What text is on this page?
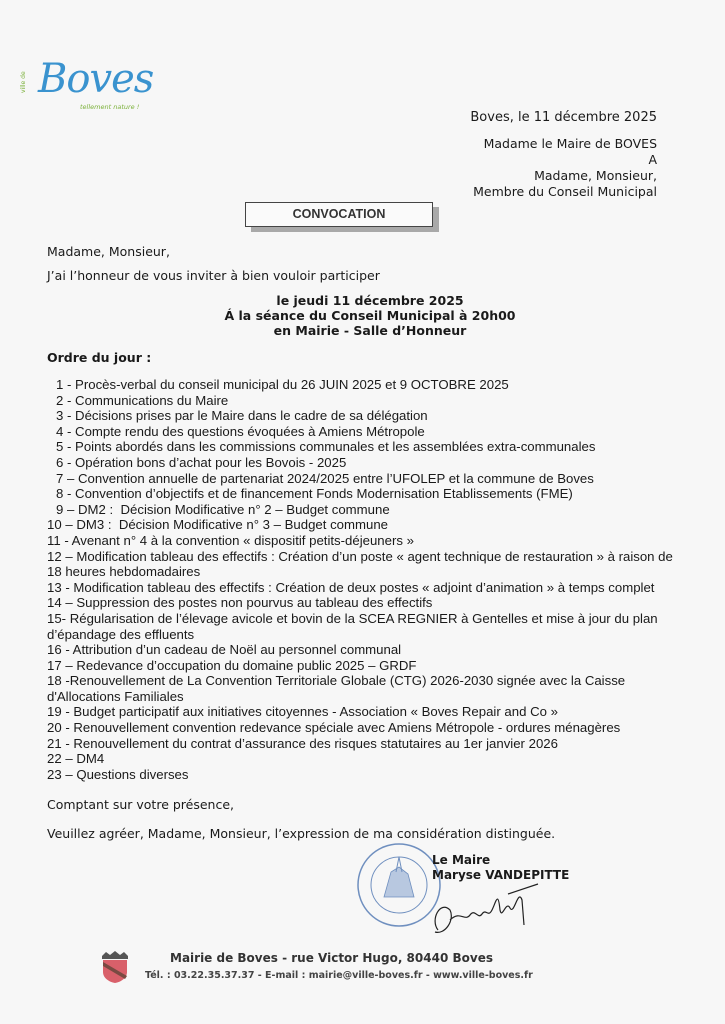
ville de Boves
tellement nature !
Boves, le 11 décembre 2025
Madame le Maire de BOVES
A
Madame, Monsieur,
Membre du Conseil Municipal
CONVOCATION
Madame, Monsieur,
J’ai l’honneur de vous inviter à bien vouloir participer
le jeudi 11 décembre 2025
Á la séance du Conseil Municipal à 20h00
en Mairie - Salle d’Honneur
Ordre du jour :
1 - Procès-verbal du conseil municipal du 26 JUIN 2025 et 9 OCTOBRE 2025
2 - Communications du Maire
3 - Décisions prises par le Maire dans le cadre de sa délégation
4 - Compte rendu des questions évoquées à Amiens Métropole
5 - Points abordés dans les commissions communales et les assemblées extra-communales
6 - Opération bons d’achat pour les Bovois - 2025
7 – Convention annuelle de partenariat 2024/2025 entre l’UFOLEP et la commune de Boves
8 - Convention d’objectifs et de financement Fonds Modernisation Etablissements (FME)
9 – DM2 :  Décision Modificative n° 2 – Budget commune
10 – DM3 :  Décision Modificative n° 3 – Budget commune
11 - Avenant n° 4 à la convention « dispositif petits-déjeuners »
12 – Modification tableau des effectifs : Création d’un poste « agent technique de restauration » à raison de 18 heures hebdomadaires
13 - Modification tableau des effectifs : Création de deux postes « adjoint d’animation » à temps complet
14 – Suppression des postes non pourvus au tableau des effectifs
15- Régularisation de l’élevage avicole et bovin de la SCEA REGNIER à Gentelles et mise à jour du plan d’épandage des effluents
16 - Attribution d’un cadeau de Noël au personnel communal
17 – Redevance d’occupation du domaine public 2025 – GRDF
18 -Renouvellement de La Convention Territoriale Globale (CTG) 2026-2030 signée avec la Caisse d'Allocations Familiales
19 - Budget participatif aux initiatives citoyennes - Association « Boves Repair and Co »
20 - Renouvellement convention redevance spéciale avec Amiens Métropole - ordures ménagères
21 - Renouvellement du contrat d’assurance des risques statutaires au 1er janvier 2026
22 – DM4
23 – Questions diverses
Comptant sur votre présence,
Veuillez agréer, Madame, Monsieur, l’expression de ma considération distinguée.
Le Maire
Maryse VANDEPITTE
Mairie de Boves - rue Victor Hugo, 80440 Boves
Tél. : 03.22.35.37.37 - E-mail : mairie@ville-boves.fr - www.ville-boves.fr
